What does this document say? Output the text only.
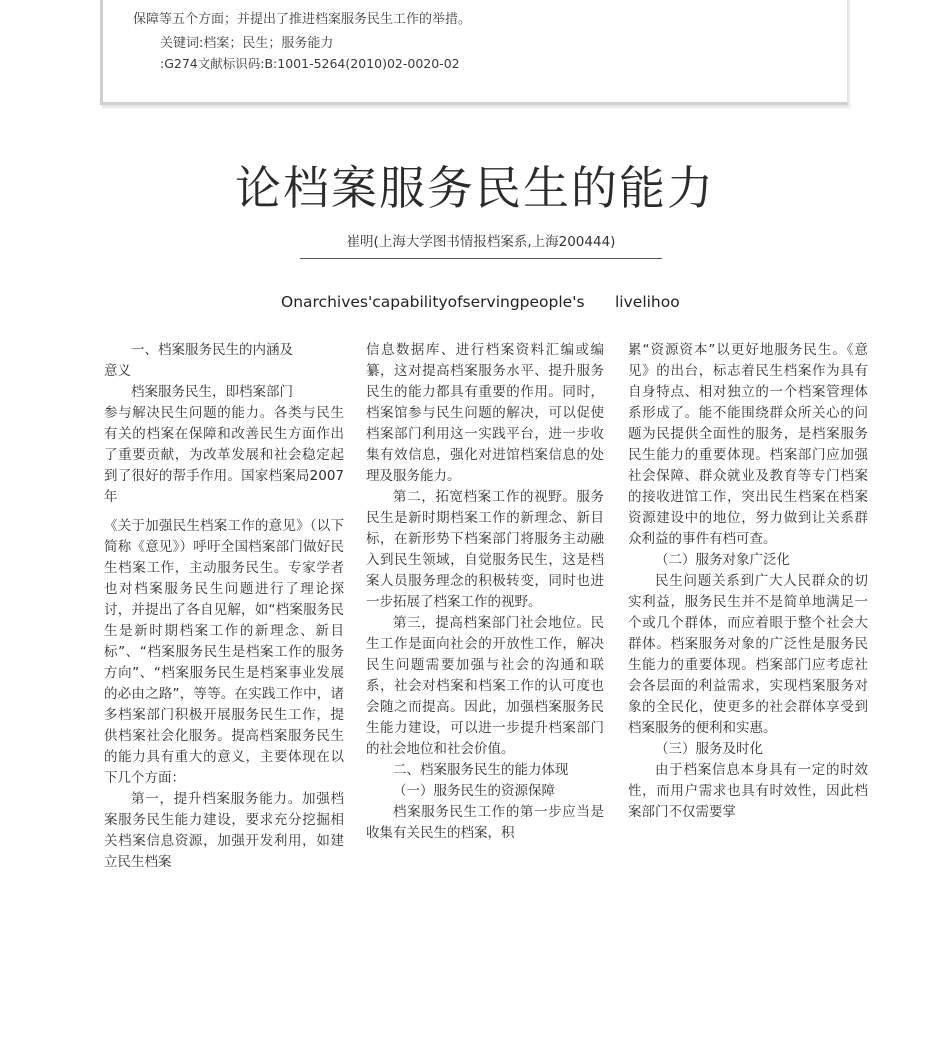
保障等五个方面；并提出了推进档案服务民生工作的举措。
关键词:档案；民生；服务能力
:G274文献标识码:B:1001-5264(2010)02-0020-02
论档案服务民生的能力
崔明(上海大学图书情报档案系,上海200444)
Onarchives'capabilityofservingpeople's livelihoo

一、档案服务民生的内涵及

意义

档案服务民生，即档案部门

参与解决民生问题的能力。各类与民生有关的档案在保障和改善民生方面作出了重要贡献，为改革发展和社会稳定起到了很好的帮手作用。国家档案局2007年

《关于加强民生档案工作的意见》（以下简称《意见》）呼吁全国档案部门做好民生档案工作，主动服务民生。专家学者也对档案服务民生问题进行了理论探讨，并提出了各自见解，如“档案服务民生是新时期档案工作的新理念、新目标”、“档案服务民生是档案工作的服务方向”、“档案服务民生是档案事业发展的必由之路”，等等。在实践工作中，诸多档案部门积极开展服务民生工作，提供档案社会化服务。提高档案服务民生的能力具有重大的意义，主要体现在以下几个方面：

第一，提升档案服务能力。加强档案服务民生能力建设，要求充分挖掘相关档案信息资源，加强开发利用，如建立民生档案

信息数据库、进行档案资料汇编或编纂，这对提高档案服务水平、提升服务民生的能力都具有重要的作用。同时，档案馆参与民生问题的解决，可以促使档案部门利用这一实践平台，进一步收集有效信息，强化对进馆档案信息的处理及服务能力。

第二，拓宽档案工作的视野。服务民生是新时期档案工作的新理念、新目标，在新形势下档案部门将服务主动融入到民生领域，自觉服务民生，这是档案人员服务理念的积极转变，同时也进一步拓展了档案工作的视野。

第三，提高档案部门社会地位。民生工作是面向社会的开放性工作，解决民生问题需要加强与社会的沟通和联系，社会对档案和档案工作的认可度也会随之而提高。因此，加强档案服务民生能力建设，可以进一步提升档案部门的社会地位和社会价值。

二、档案服务民生的能力体现

（一）服务民生的资源保障

档案服务民生工作的第一步应当是收集有关民生的档案，积

累“资源资本”以更好地服务民生。《意见》的出台，标志着民生档案作为具有自身特点、相对独立的一个档案管理体系形成了。能不能围绕群众所关心的问题为民提供全面性的服务，是档案服务民生能力的重要体现。档案部门应加强社会保障、群众就业及教育等专门档案的接收进馆工作，突出民生档案在档案资源建设中的地位，努力做到让关系群众利益的事件有档可查。

（二）服务对象广泛化

民生问题关系到广大人民群众的切实利益，服务民生并不是简单地满足一个或几个群体，而应着眼于整个社会大群体。档案服务对象的广泛性是服务民生能力的重要体现。档案部门应考虑社会各层面的利益需求，实现档案服务对象的全民化，使更多的社会群体享受到档案服务的便利和实惠。

（三）服务及时化

由于档案信息本身具有一定的时效性，而用户需求也具有时效性，因此档案部门不仅需要掌
